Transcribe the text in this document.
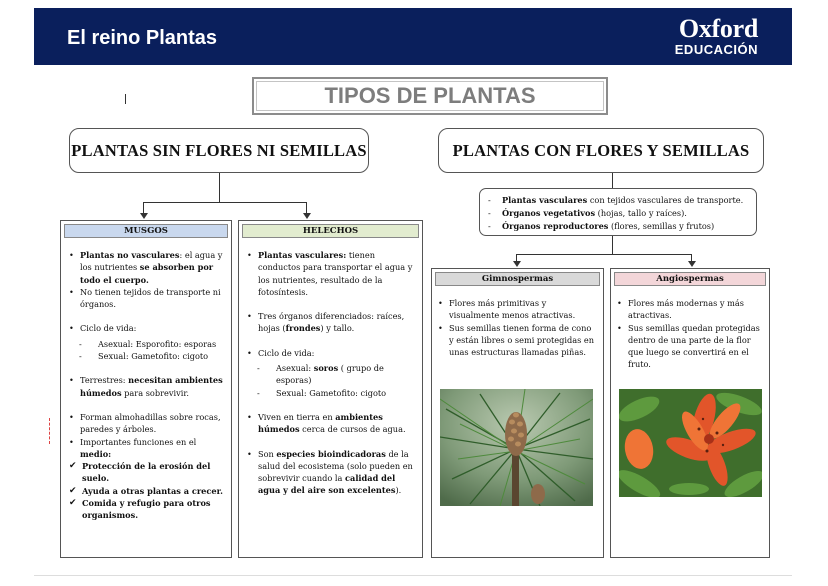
El reino Plantas	Oxford
EDUCACIÓN
TIPOS DE PLANTAS
PLANTAS SIN FLORES NI SEMILLAS	PLANTAS CON FLORES Y SEMILLAS
-	Plantas vasculares con tejidos vasculares de transporte.
-	Órganos vegetativos (hojas, tallo y raíces).
-	Órganos reproductores (flores, semillas y frutos)
MUSGOS
• Plantas no vasculares: el agua y los nutrientes se absorben por todo el cuerpo.
• No tienen tejidos de transporte ni órganos.
• Ciclo de vida:
-	Asexual: Esporofito: esporas
-	Sexual: Gametofito: cigoto
• Terrestres: necesitan ambientes húmedos para sobrevivir.
• Forman almohadillas sobre rocas, paredes y árboles.
• Importantes funciones en el medio:
✔ Protección de la erosión del suelo.
✔ Ayuda a otras plantas a crecer.
✔ Comida y refugio para otros organismos.
HELECHOS
• Plantas vasculares: tienen conductos para transportar el agua y los nutrientes, resultado de la fotosíntesis.
• Tres órganos diferenciados: raíces, hojas (frondes) y tallo.
• Ciclo de vida:
-	Asexual: soros ( grupo de esporas)
-	Sexual: Gametofito: cigoto
• Viven en tierra en ambientes húmedos cerca de cursos de agua.
• Son especies bioindicadoras de la salud del ecosistema (solo pueden en sobrevivir cuando la calidad del agua y del aire son excelentes).
Gimnospermas
• Flores más primitivas y visualmente menos atractivas.
• Sus semillas tienen forma de cono y están libres o semi protegidas en unas estructuras llamadas piñas.
Angiospermas
• Flores más modernas y más atractivas.
• Sus semillas quedan protegidas dentro de una parte de la flor que luego se convertirá en el fruto.
